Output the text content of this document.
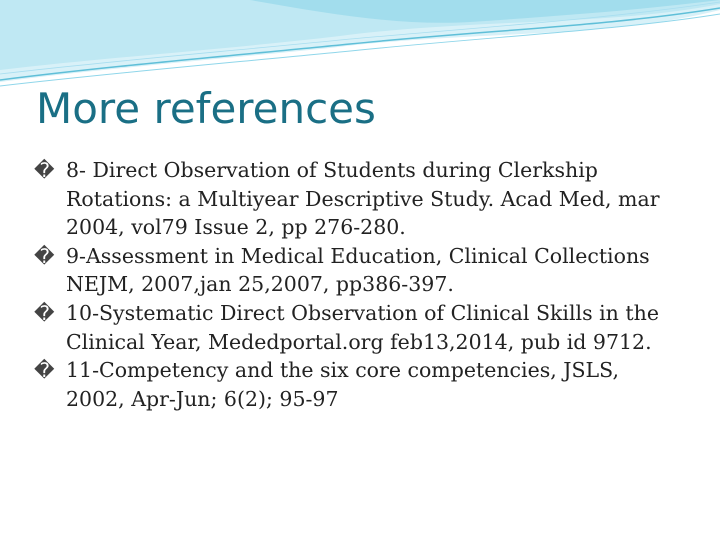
More references
� 8- Direct Observation of Students during Clerkship Rotations: a Multiyear Descriptive Study. Acad Med, mar 2004, vol79 Issue 2, pp 276-280.
� 9-Assessment in Medical Education, Clinical Collections NEJM, 2007,jan 25,2007, pp386-397.
� 10-Systematic Direct Observation of Clinical Skills in the Clinical Year, Mededportal.org feb13,2014, pub id 9712.
� 11-Competency and the six core competencies, JSLS, 2002, Apr-Jun; 6(2); 95-97
